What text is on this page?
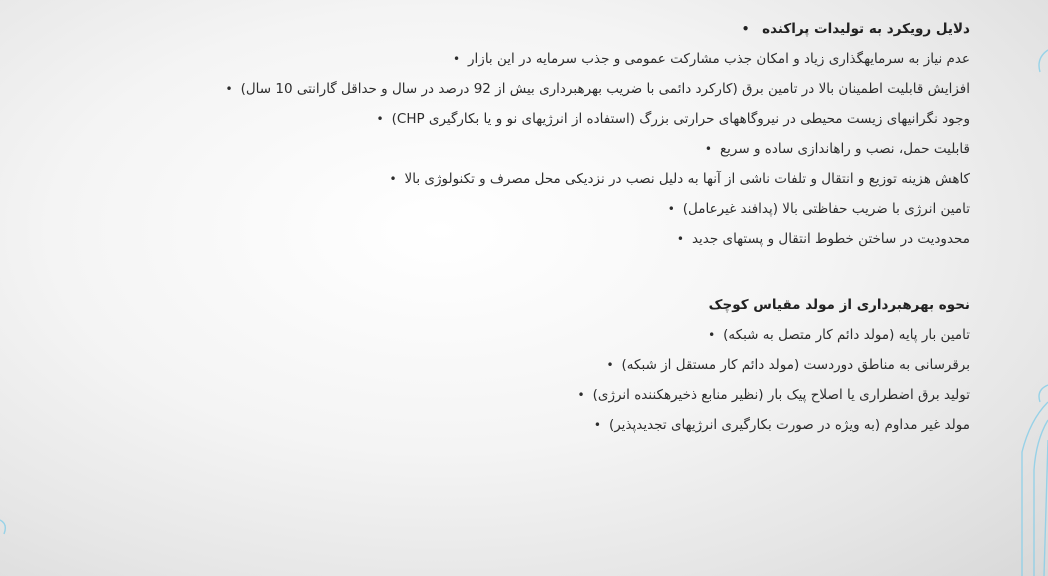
دلایل رویکرد به تولیدات پراکنده •
عدم نیاز به سرمایهگذاری زیاد و امکان جذب مشارکت عمومی و جذب سرمایه در این بازار•
افزایش قابلیت اطمینان بالا در تامین برق (کارکرد دائمی با ضریب بهرهبرداری بیش از 92 درصد در سال و حداقل گارانتی 10 سال)•
وجود نگرانیهای زیست محیطی در نیروگاههای حرارتی بزرگ (استفاده از انرژیهای نو و یا بکارگیری CHP)•
قابلیت حمل، نصب و راهاندازی ساده و سریع•
کاهش هزینه توزیع و انتقال و تلفات ناشی از آنها به دلیل نصب در نزدیکی محل مصرف و تکنولوژی بالا•
تامین انرژی با ضریب حفاظتی بالا (پدافند غیرعامل)•
محدودیت در ساختن خطوط انتقال و پستهای جدید•
نحوه بهرهبرداری از مولد مقیاس کوچک
تامین بار پایه (مولد دائم کار متصل به شبکه)•
برقرسانی به مناطق دوردست (مولد دائم کار مستقل از شبکه)•
تولید برق اضطراری یا اصلاح پیک بار (نظیر منابع ذخیرهکننده انرژی)•
مولد غیر مداوم (به ویژه در صورت بکارگیری انرژیهای تجدیدپذیر)•
